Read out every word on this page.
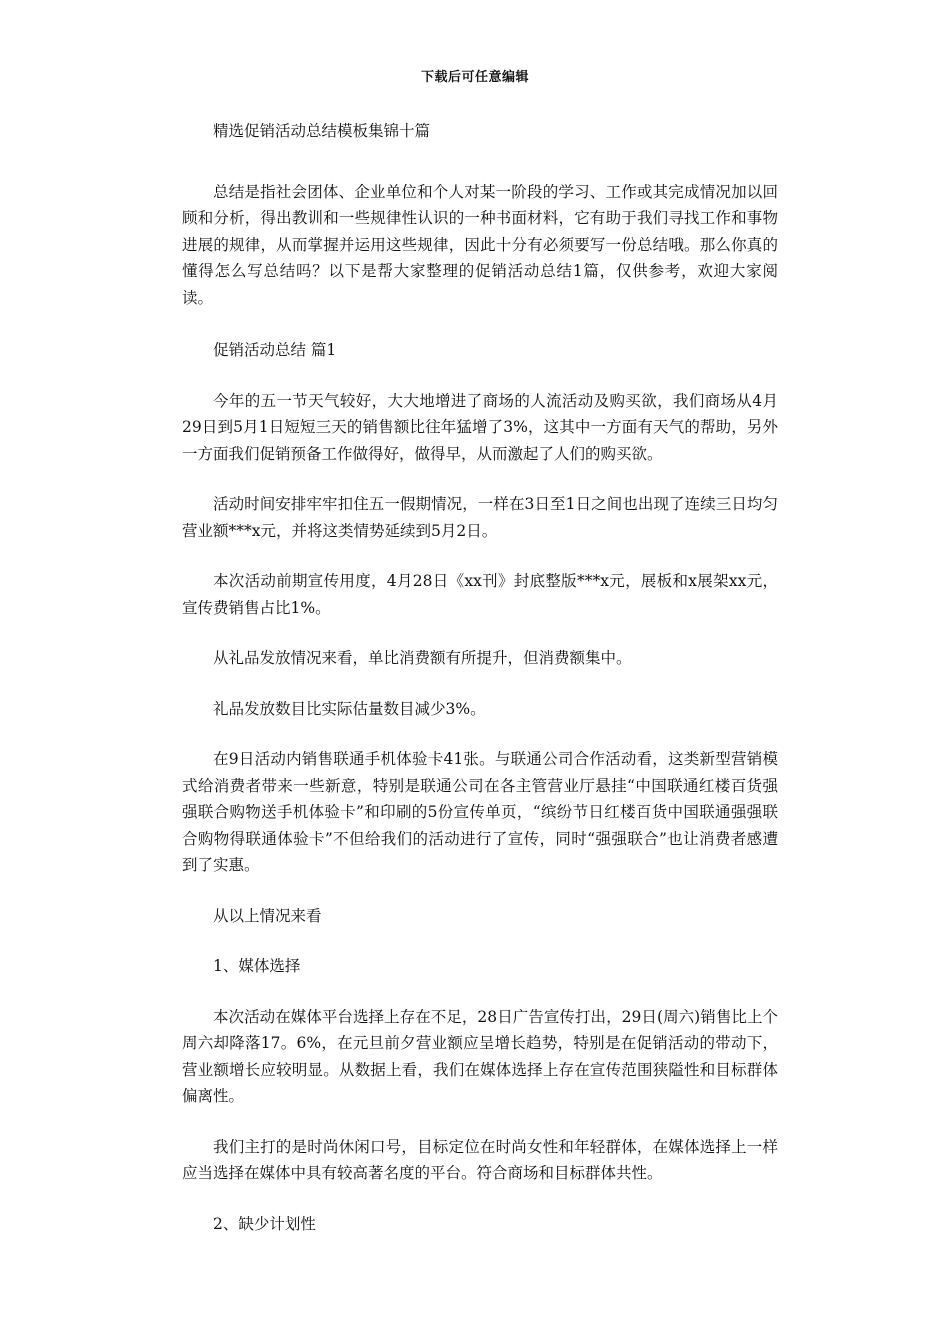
下载后可任意编辑

精选促销活动总结模板集锦十篇

总结是指社会团体、企业单位和个人对某一阶段的学习、工作或其完成情况加以回顾和分析，得出教训和一些规律性认识的一种书面材料，它有助于我们寻找工作和事物进展的规律，从而掌握并运用这些规律，因此十分有必须要写一份总结哦。那么你真的懂得怎么写总结吗？以下是帮大家整理的促销活动总结1篇，仅供参考，欢迎大家阅读。

促销活动总结 篇1

今年的五一节天气较好，大大地增进了商场的人流活动及购买欲，我们商场从4月29日到5月1日短短三天的销售额比往年猛增了3%，这其中一方面有天气的帮助，另外一方面我们促销预备工作做得好，做得早，从而激起了人们的购买欲。

活动时间安排牢牢扣住五一假期情况，一样在3日至1日之间也出现了连续三日均匀营业额***x元，并将这类情势延续到5月2日。

本次活动前期宣传用度，4月28日《xx刊》封底整版***x元，展板和x展架xx元，宣传费销售占比1%。

从礼品发放情况来看，单比消费额有所提升，但消费额集中。

礼品发放数目比实际估量数目减少3%。

在9日活动内销售联通手机体验卡41张。与联通公司合作活动看，这类新型营销模式给消费者带来一些新意，特别是联通公司在各主管营业厅悬挂“中国联通红楼百货强强联合购物送手机体验卡”和印刷的5份宣传单页，“缤纷节日红楼百货中国联通强强联合购物得联通体验卡”不但给我们的活动进行了宣传，同时“强强联合”也让消费者感遭到了实惠。

从以上情况来看

1、媒体选择

本次活动在媒体平台选择上存在不足，28日广告宣传打出，29日(周六)销售比上个周六却降落17。6%，在元旦前夕营业额应呈增长趋势，特别是在促销活动的带动下，营业额增长应较明显。从数据上看，我们在媒体选择上存在宣传范围狭隘性和目标群体偏离性。

我们主打的是时尚休闲口号，目标定位在时尚女性和年轻群体，在媒体选择上一样应当选择在媒体中具有较高著名度的平台。符合商场和目标群体共性。

2、缺少计划性
